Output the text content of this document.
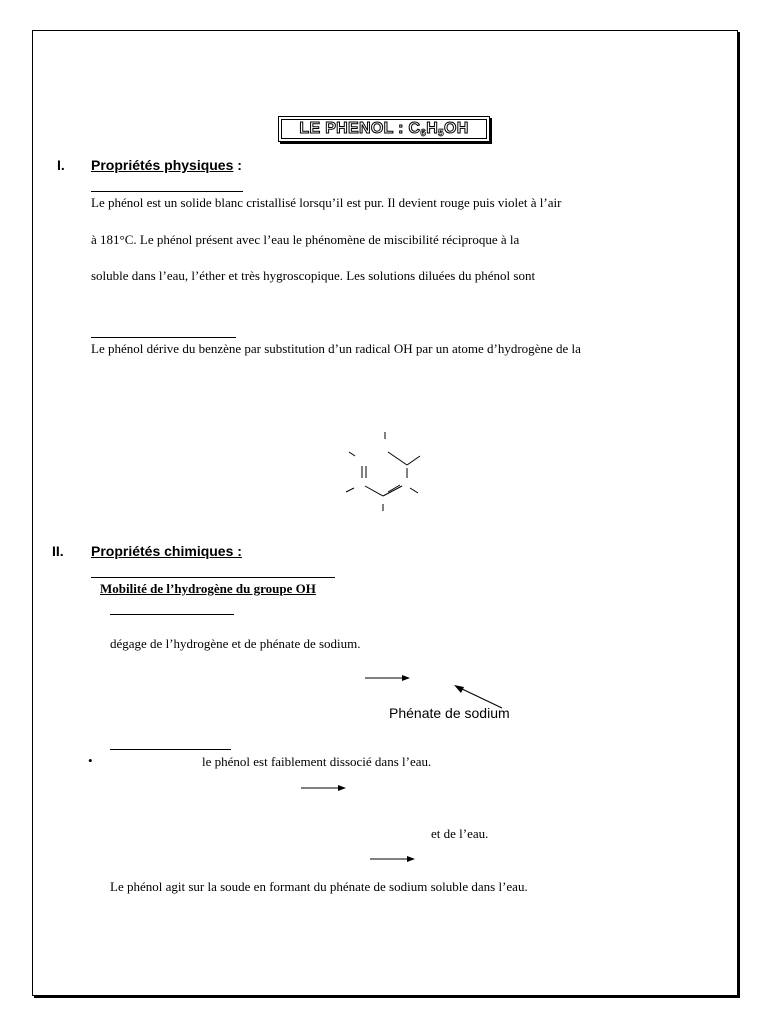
LE PHENOL : $C_6H_5OH$
I. Propriétés physiques :
Le phénol est un solide blanc cristallisé lorsqu’il est pur. Il devient rouge puis violet à l’air
à 181°C. Le phénol présent avec l’eau le phénomène de miscibilité réciproque à la
soluble dans l’eau, l’éther et très hygroscopique. Les solutions diluées du phénol sont
Le phénol dérive du benzène par substitution d’un radical OH par un atome d’hydrogène de la
II. Propriétés chimiques :
Mobilité de l’hydrogène du groupe OH
dégage de l’hydrogène et de phénate de sodium.
Phénate de sodium
•	le phénol est faiblement dissocié dans l’eau.
et de l’eau.
Le phénol agit sur la soude en formant du phénate de sodium soluble dans l’eau.
